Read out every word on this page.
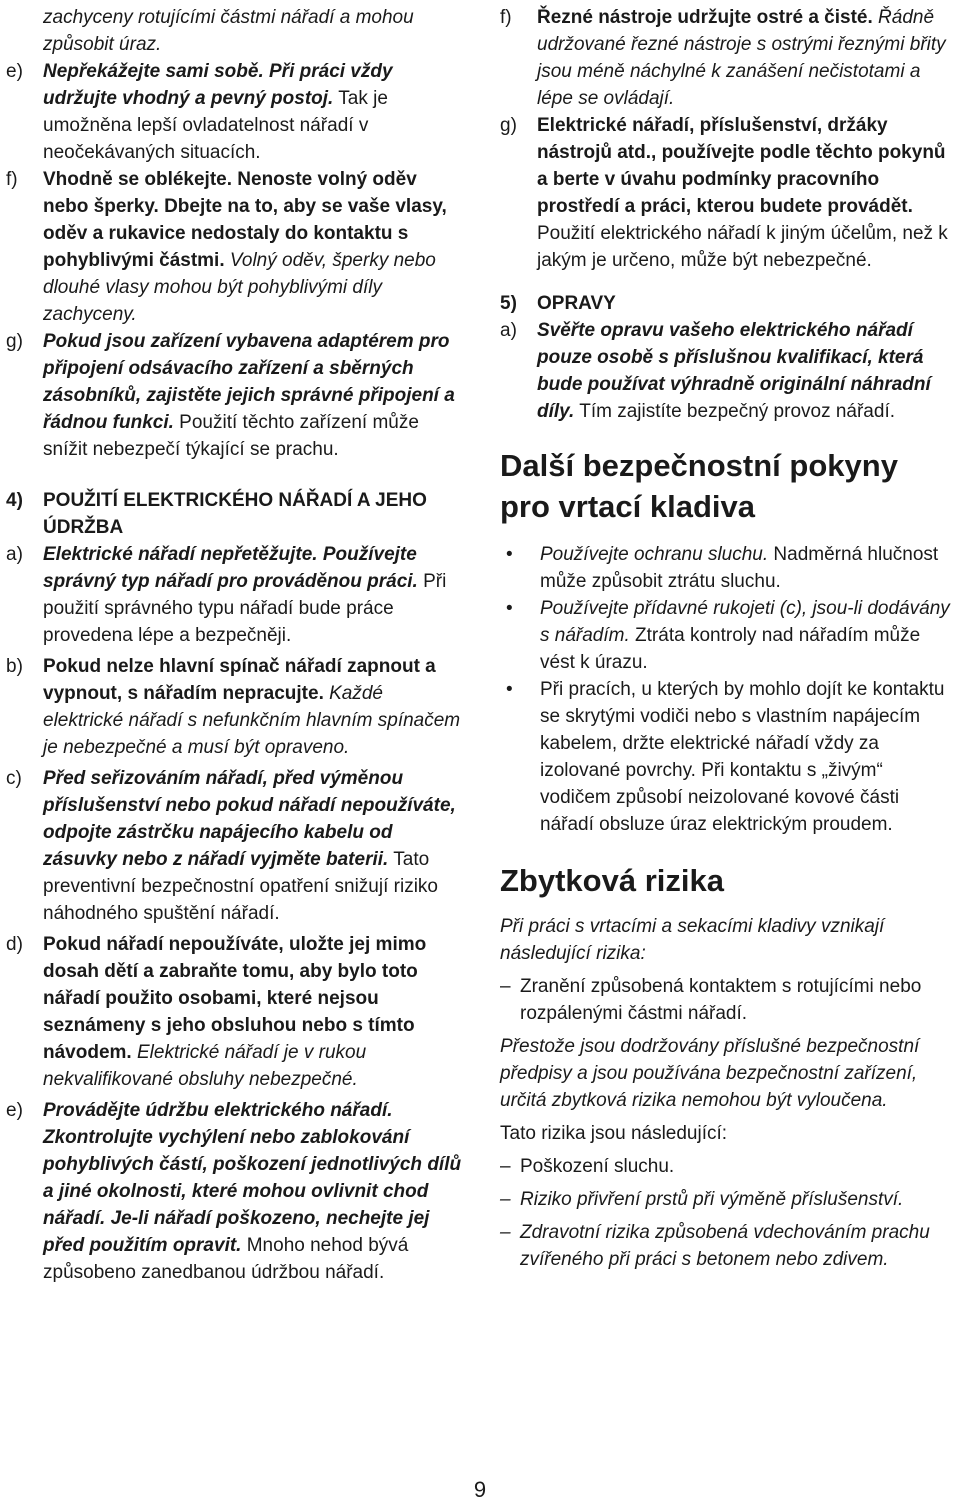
zachyceny rotujícími částmi nářadí a mohou způsobit úraz.
e) Nepřekážejte sami sobě. Při práci vždy udržujte vhodný a pevný postoj. Tak je umožněna lepší ovladatelnost nářadí v neočekávaných situacích.
f) Vhodně se oblékejte. Nenoste volný oděv nebo šperky. Dbejte na to, aby se vaše vlasy, oděv a rukavice nedostaly do kontaktu s pohyblivými částmi. Volný oděv, šperky nebo dlouhé vlasy mohou být pohyblivými díly zachyceny.
g) Pokud jsou zařízení vybavena adaptérem pro připojení odsávacího zařízení a sběrných zásobníků, zajistěte jejich správné připojení a řádnou funkci. Použití těchto zařízení může snížit nebezpečí týkající se prachu.
4) POUŽITÍ ELEKTRICKÉHO NÁŘADÍ A JEHO ÚDRŽBA
a) Elektrické nářadí nepřetěžujte. Používejte správný typ nářadí pro prováděnou práci. Při použití správného typu nářadí bude práce provedena lépe a bezpečněji.
b) Pokud nelze hlavní spínač nářadí zapnout a vypnout, s nářadím nepracujte. Každé elektrické nářadí s nefunkčním hlavním spínačem je nebezpečné a musí být opraveno.
c) Před seřizováním nářadí, před výměnou příslušenství nebo pokud nářadí nepoužíváte, odpojte zástrčku napájecího kabelu od zásuvky nebo z nářadí vyjměte baterii. Tato preventivní bezpečnostní opatření snižují riziko náhodného spuštění nářadí.
d) Pokud nářadí nepoužíváte, uložte jej mimo dosah dětí a zabraňte tomu, aby bylo toto nářadí použito osobami, které nejsou seznámeny s jeho obsluhou nebo s tímto návodem. Elektrické nářadí je v rukou nekvalifikované obsluhy nebezpečné.
e) Provádějte údržbu elektrického nářadí. Zkontrolujte vychýlení nebo zablokování pohyblivých částí, poškození jednotlivých dílů a jiné okolnosti, které mohou ovlivnit chod nářadí. Je-li nářadí poškozeno, nechejte jej před použitím opravit. Mnoho nehod bývá způsobeno zanedbanou údržbou nářadí.
f) Řezné nástroje udržujte ostré a čisté. Řádně udržované řezné nástroje s ostrými řeznými břity jsou méně náchylné k zanášení nečistotami a lépe se ovládají.
g) Elektrické nářadí, příslušenství, držáky nástrojů atd., používejte podle těchto pokynů a berte v úvahu podmínky pracovního prostředí a práci, kterou budete provádět. Použití elektrického nářadí k jiným účelům, než k jakým je určeno, může být nebezpečné.
5) OPRAVY
a) Svěřte opravu vašeho elektrického nářadí pouze osobě s příslušnou kvalifikací, která bude používat výhradně originální náhradní díly. Tím zajistíte bezpečný provoz nářadí.
Další bezpečnostní pokyny pro vrtací kladiva
• Používejte ochranu sluchu. Nadměrná hlučnost může způsobit ztrátu sluchu.
• Používejte přídavné rukojeti (c), jsou-li dodávány s nářadím. Ztráta kontroly nad nářadím může vést k úrazu.
• Při pracích, u kterých by mohlo dojít ke kontaktu se skrytými vodiči nebo s vlastním napájecím kabelem, držte elektrické nářadí vždy za izolované povrchy. Při kontaktu s „živým“ vodičem způsobí neizolované kovové části nářadí obsluze úraz elektrickým proudem.
Zbytková rizika
Při práci s vrtacími a sekacími kladivy vznikají následující rizika:
– Zranění způsobená kontaktem s rotujícími nebo rozpálenými částmi nářadí.
Přestože jsou dodržovány příslušné bezpečnostní předpisy a jsou používána bezpečnostní zařízení, určitá zbytková rizika nemohou být vyloučena.
Tato rizika jsou následující:
– Poškození sluchu.
– Riziko přivření prstů při výměně příslušenství.
– Zdravotní rizika způsobená vdechováním prachu zvířeného při práci s betonem nebo zdivem.
9
